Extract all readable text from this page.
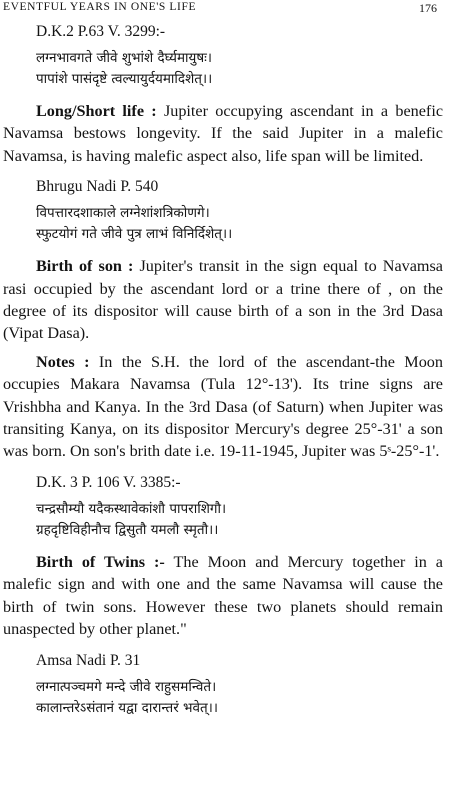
EVENTFUL YEARS IN ONE'S LIFE	176

D.K.2 P.63 V. 3299:-

लग्नभावगते जीवे शुभांशे दैर्घ्यमायुषः।

पापांशे पासंदृष्टे त्वल्यायुर्दयमादिशेत्।।

Long/Short life : Jupiter occupying ascendant in a benefic Navamsa bestows longevity. If the said Jupiter in a malefic Navamsa, is having malefic aspect also, life span will be limited.

Bhrugu Nadi P. 540

विपत्तारदशाकाले लग्नेशांशत्रिकोणगे।

स्फुटयोगं गते जीवे पुत्र लाभं विनिर्दिशेत्।।

Birth of son : Jupiter's transit in the sign equal to Navamsa rasi occupied by the ascendant lord or a trine there of , on the degree of its dispositor will cause birth of a son in the 3rd Dasa (Vipat Dasa).

Notes : In the S.H. the lord of the ascendant-the Moon occupies Makara Navamsa (Tula 12°-13'). Its trine signs are Vrishbha and Kanya. In the 3rd Dasa (of Saturn) when Jupiter was transiting Kanya, on its dispositor Mercury's degree 25°-31' a son was born. On son's brith date i.e. 19-11-1945, Jupiter was 5ˢ-25°-1'.

D.K. 3 P. 106 V. 3385:-

चन्द्रसौम्यौ यदैकस्थावेकांशौ पापराशिगौ।

ग्रहदृष्टिविहीनौच द्विसुतौ यमलौ स्मृतौ।।

Birth of Twins :- The Moon and Mercury together in a malefic sign and with one and the same Navamsa will cause the birth of twin sons. However these two planets should remain unaspected by other planet."

Amsa Nadi P. 31

लग्नात्पञ्चमगे मन्दे जीवे राहुसमन्विते।

कालान्तरेऽसंतानं यद्वा दारान्तरं भवेत्।।
